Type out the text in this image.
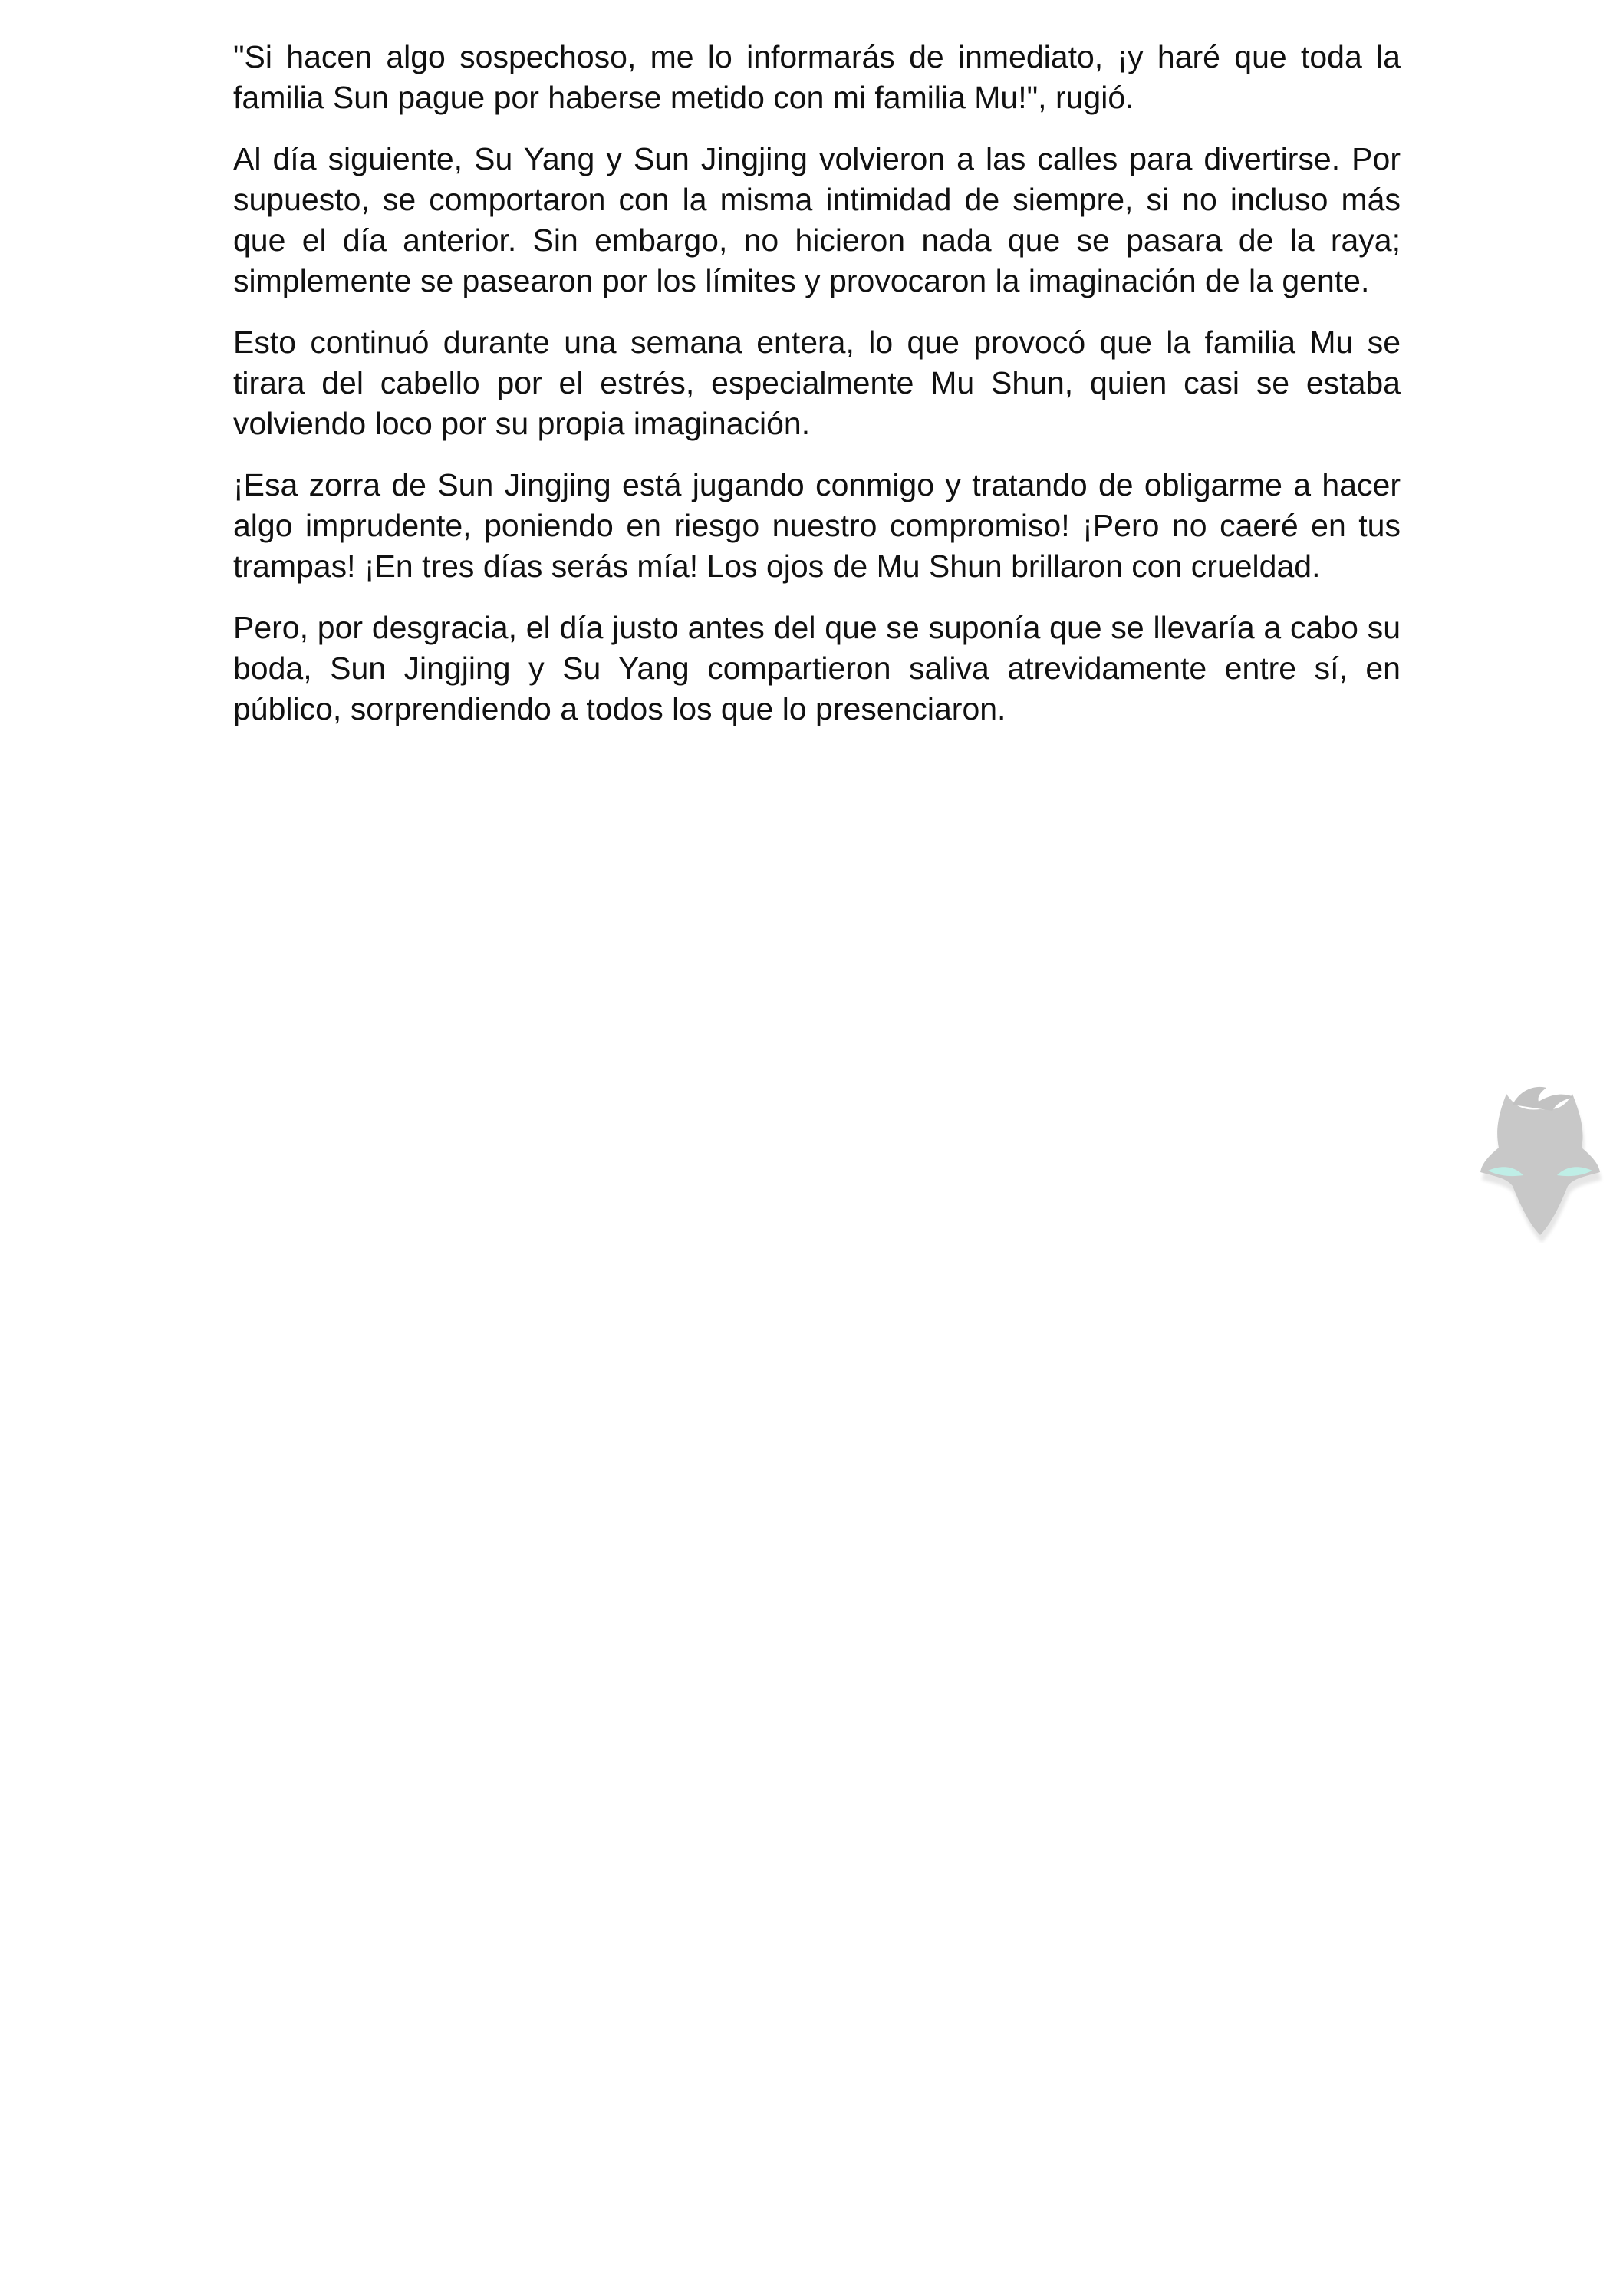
"Si hacen algo sospechoso, me lo informarás de inmediato, ¡y haré que toda la familia Sun pague por haberse metido con mi familia Mu!", rugió.

Al día siguiente, Su Yang y Sun Jingjing volvieron a las calles para divertirse. Por supuesto, se comportaron con la misma intimidad de siempre, si no incluso más que el día anterior. Sin embargo, no hicieron nada que se pasara de la raya; simplemente se pasearon por los límites y provocaron la imaginación de la gente.

Esto continuó durante una semana entera, lo que provocó que la familia Mu se tirara del cabello por el estrés, especialmente Mu Shun, quien casi se estaba volviendo loco por su propia imaginación.

¡Esa zorra de Sun Jingjing está jugando conmigo y tratando de obligarme a hacer algo imprudente, poniendo en riesgo nuestro compromiso! ¡Pero no caeré en tus trampas! ¡En tres días serás mía! Los ojos de Mu Shun brillaron con crueldad.

Pero, por desgracia, el día justo antes del que se suponía que se llevaría a cabo su boda, Sun Jingjing y Su Yang compartieron saliva atrevidamente entre sí, en público, sorprendiendo a todos los que lo presenciaron.
